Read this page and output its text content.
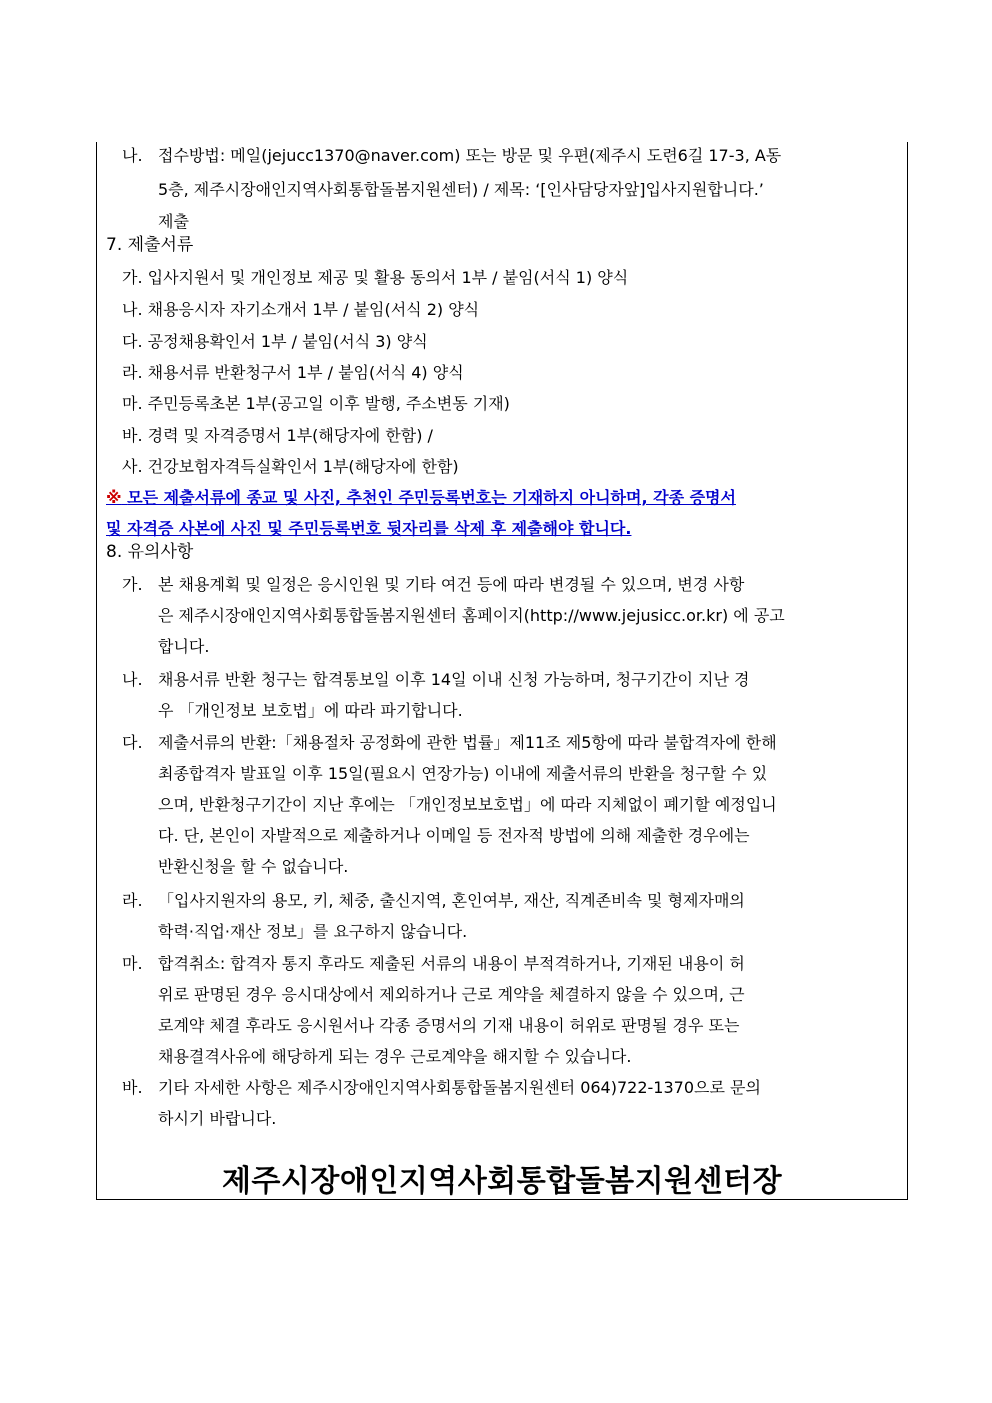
나. 접수방법: 메일(jejucc1370@naver.com) 또는 방문 및 우편(제주시 도련6길 17-3, A동
5층, 제주시장애인지역사회통합돌봄지원센터) / 제목: ‘[인사담당자앞]입사지원합니다.’
제출
7. 제출서류
가. 입사지원서 및 개인정보 제공 및 활용 동의서 1부 / 붙임(서식 1) 양식
나. 채용응시자 자기소개서 1부 / 붙임(서식 2) 양식
다. 공정채용확인서 1부 / 붙임(서식 3) 양식
라. 채용서류 반환청구서 1부 / 붙임(서식 4) 양식
마. 주민등록초본 1부(공고일 이후 발행, 주소변동 기재)
바. 경력 및 자격증명서 1부(해당자에 한함) /
사. 건강보험자격득실확인서 1부(해당자에 한함)
※ 모든 제출서류에 종교 및 사진, 추천인 주민등록번호는 기재하지 아니하며, 각종 증명서
및 자격증 사본에 사진 및 주민등록번호 뒷자리를 삭제 후 제출해야 합니다.
8. 유의사항
가. 본 채용계획 및 일정은 응시인원 및 기타 여건 등에 따라 변경될 수 있으며, 변경 사항
은 제주시장애인지역사회통합돌봄지원센터 홈페이지(http://www.jejusicc.or.kr) 에 공고
합니다.
나. 채용서류 반환 청구는 합격통보일 이후 14일 이내 신청 가능하며, 청구기간이 지난 경
우 「개인정보 보호법」에 따라 파기합니다.
다. 제출서류의 반환:「채용절차 공정화에 관한 법률」제11조 제5항에 따라 불합격자에 한해
최종합격자 발표일 이후 15일(필요시 연장가능) 이내에 제출서류의 반환을 청구할 수 있
으며, 반환청구기간이 지난 후에는 「개인정보보호법」에 따라 지체없이 폐기할 예정입니
다. 단, 본인이 자발적으로 제출하거나 이메일 등 전자적 방법에 의해 제출한 경우에는
반환신청을 할 수 없습니다.
라. 「입사지원자의 용모, 키, 체중, 출신지역, 혼인여부, 재산, 직계존비속 및 형제자매의
학력·직업·재산 정보」를 요구하지 않습니다.
마. 합격취소: 합격자 통지 후라도 제출된 서류의 내용이 부적격하거나, 기재된 내용이 허
위로 판명된 경우 응시대상에서 제외하거나 근로 계약을 체결하지 않을 수 있으며, 근
로계약 체결 후라도 응시원서나 각종 증명서의 기재 내용이 허위로 판명될 경우 또는
채용결격사유에 해당하게 되는 경우 근로계약을 해지할 수 있습니다.
바. 기타 자세한 사항은 제주시장애인지역사회통합돌봄지원센터 064)722-1370으로 문의
하시기 바랍니다.
제주시장애인지역사회통합돌봄지원센터장
